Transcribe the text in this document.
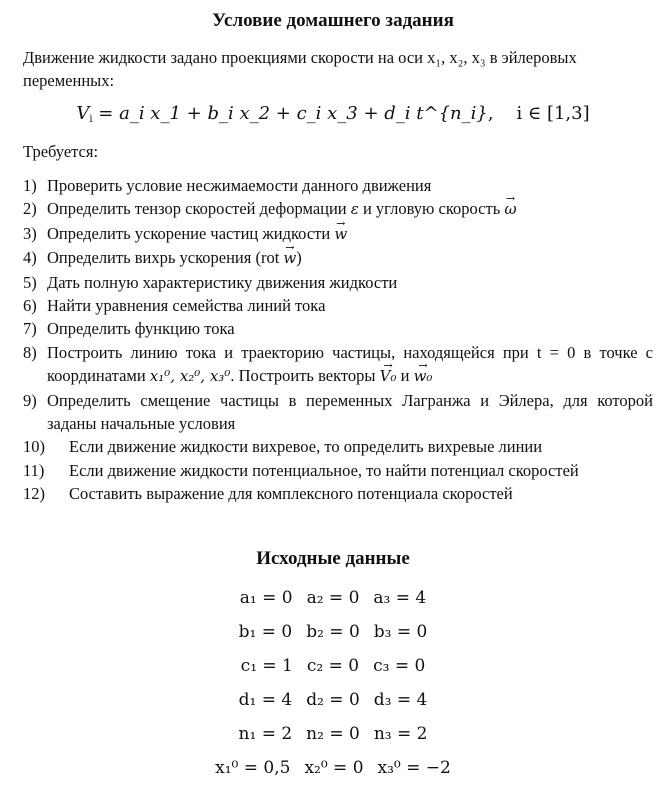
Условие домашнего задания
Движение жидкости задано проекциями скорости на оси x₁, x₂, x₃ в эйлеровых переменных:
$V_i$ = a_i x_1 + b_i x_2 + c_i x_3 + d_i t^{n_i},    i ∈ [1,3]
Требуется:
1) Проверить условие несжимаемости данного движения
2) Определить тензор скоростей деформации ε и угловую скорость → ω
3) Определить ускорение частиц жидкости → w
4) Определить вихрь ускорения (rot → w)
5) Дать полную характеристику движения жидкости
6) Найти уравнения семейства линий тока
7) Определить функцию тока
8) Построить линию тока и траекторию частицы, находящейся при t = 0 в точке с координатами x₁⁰, x₂⁰, x₃⁰. Построить векторы → V₀ и → w₀
9) Определить смещение частицы в переменных Лагранжа и Эйлера, для которой заданы начальные условия
10)	Если движение жидкости вихревое, то определить вихревые линии
11)	Если движение жидкости потенциальное, то найти потенциал скоростей
12)	Составить выражение для комплексного потенциала скоростей
Исходные данные
a₁ = 0 a₂ = 0 a₃ = 4
b₁ = 0 b₂ = 0 b₃ = 0
c₁ = 1 c₂ = 0 c₃ = 0
d₁ = 4 d₂ = 0 d₃ = 4
n₁ = 2 n₂ = 0 n₃ = 2
x₁⁰ = 0,5 x₂⁰ = 0 x₃⁰ = −2
